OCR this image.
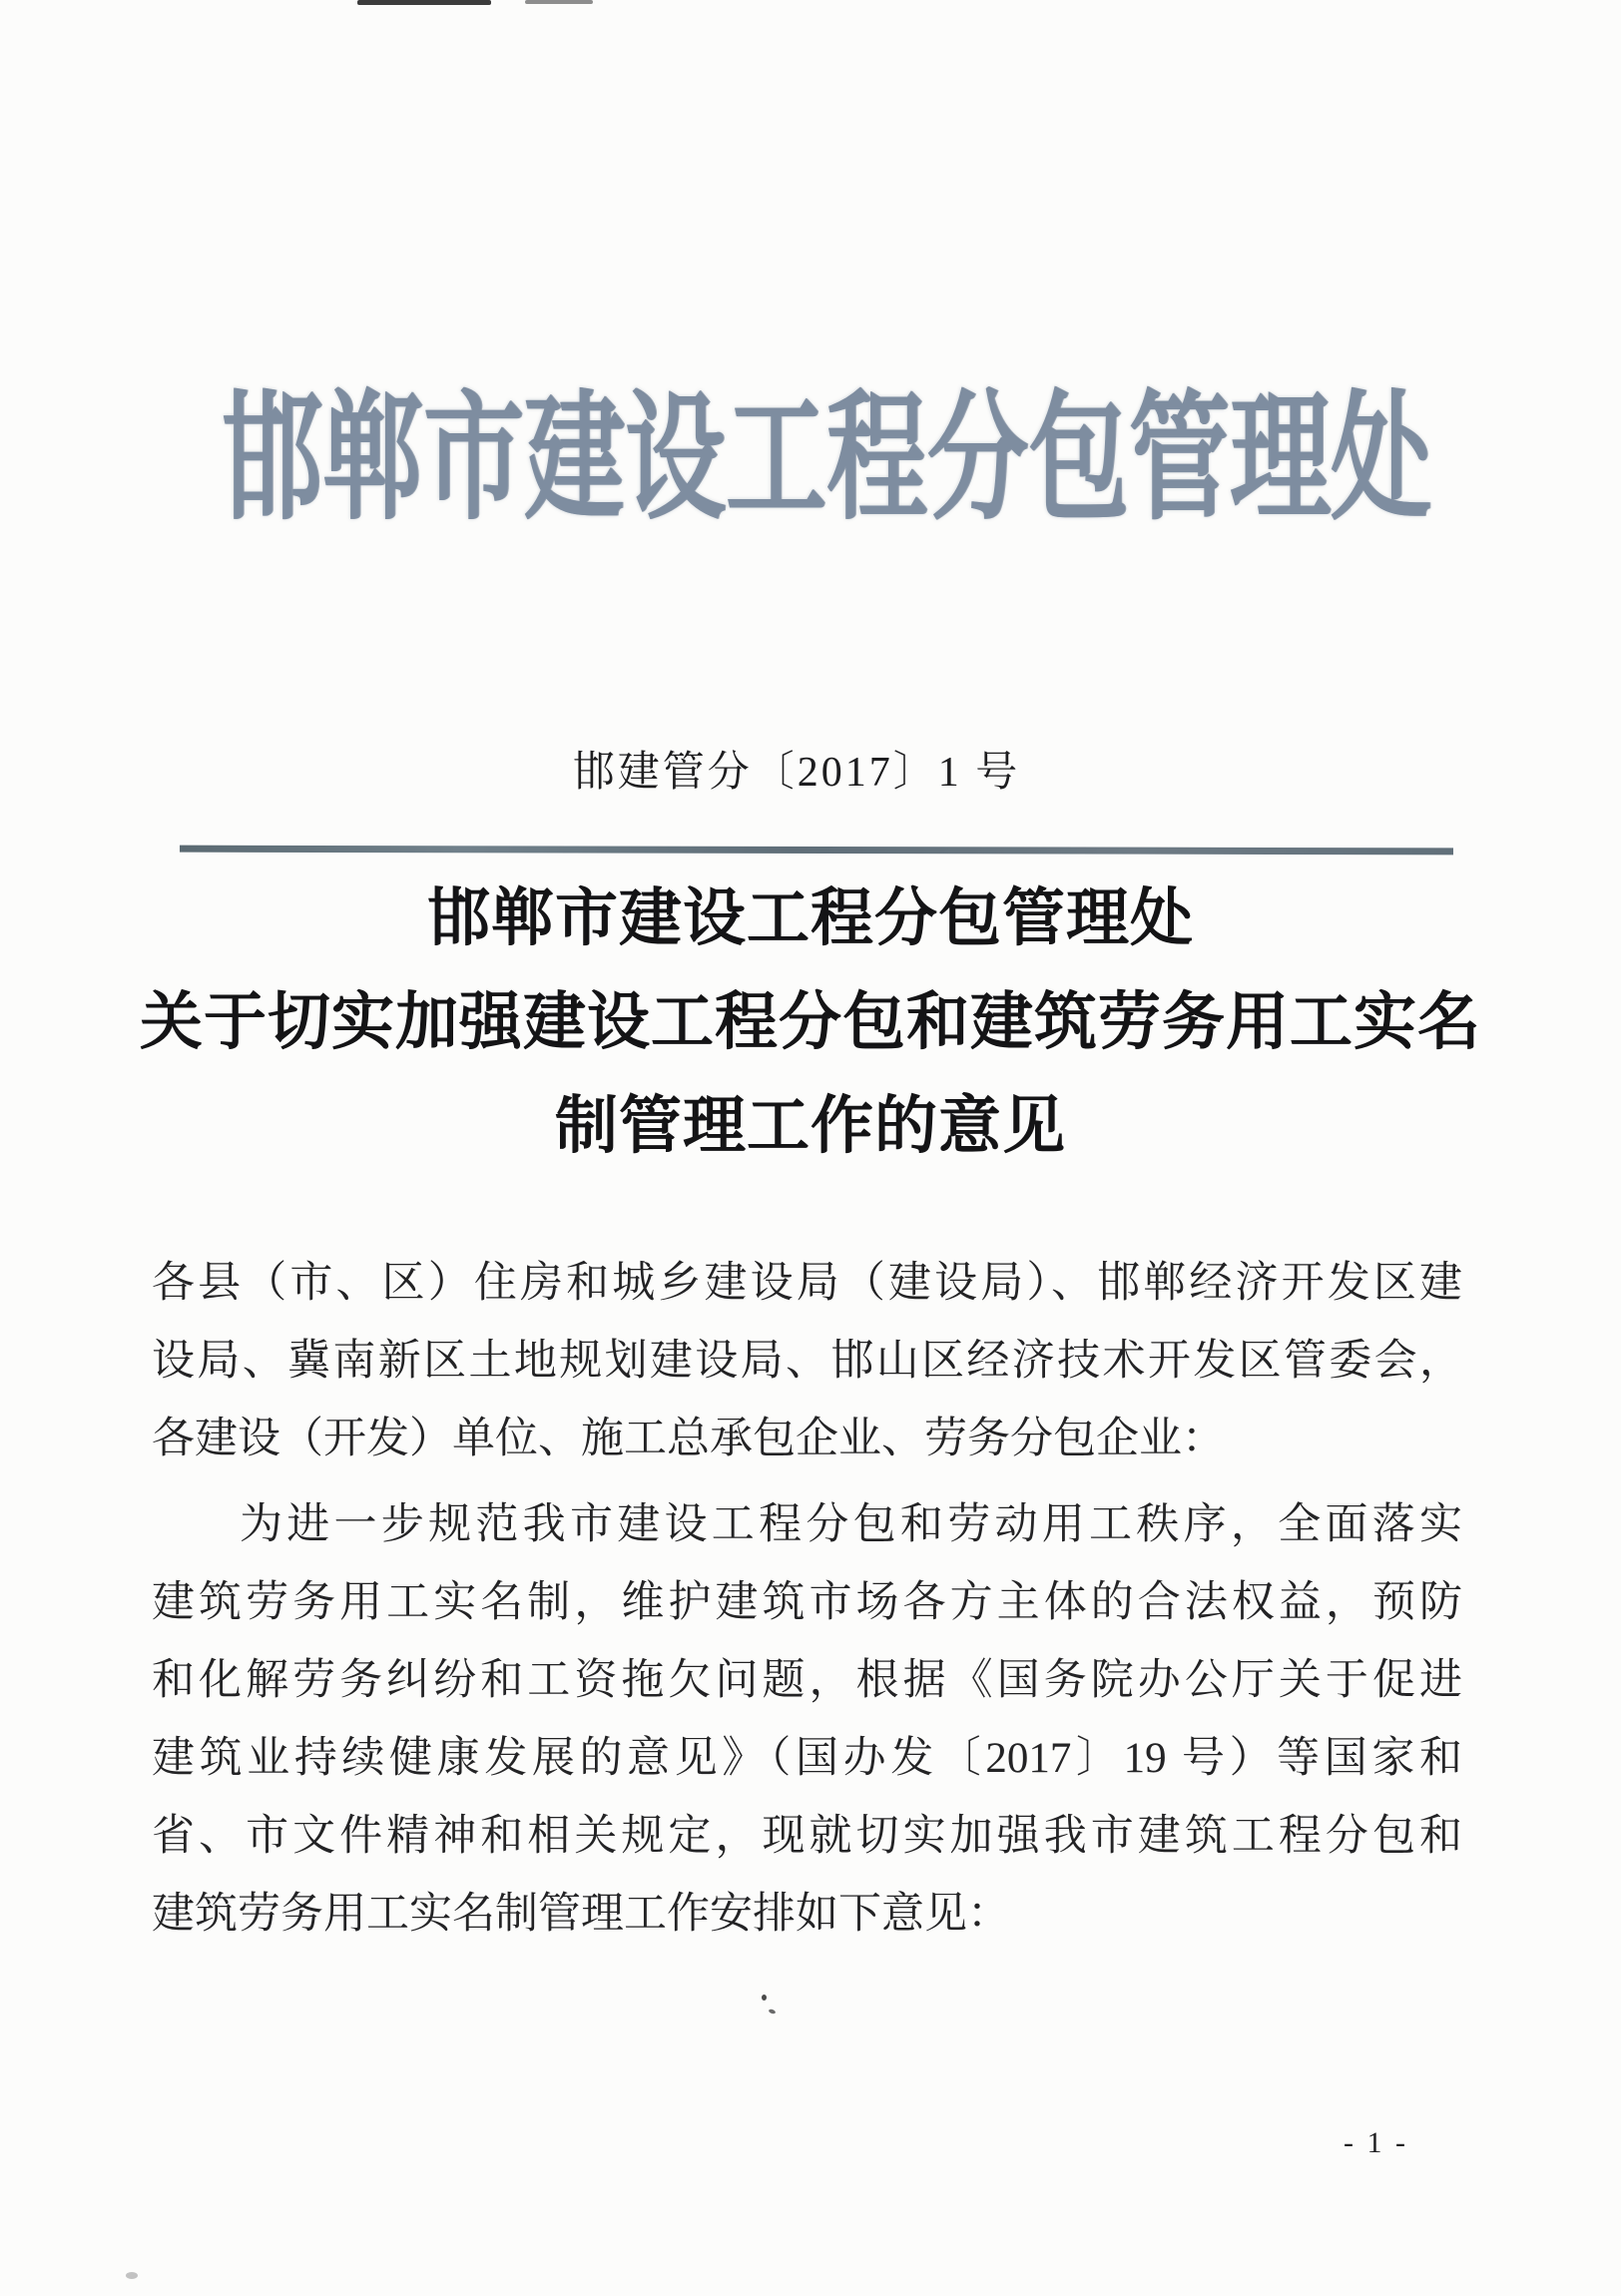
邯郸市建设工程分包管理处
邯建管分〔2017〕1 号
邯郸市建设工程分包管理处
关于切实加强建设工程分包和建筑劳务用工实名
制管理工作的意见
各县（市、区）住房和城乡建设局（建设局）、邯郸经济开发区建
设局、冀南新区土地规划建设局、邯山区经济技术开发区管委会，
各建设（开发）单位、施工总承包企业、劳务分包企业：
为进一步规范我市建设工程分包和劳动用工秩序，全面落实
建筑劳务用工实名制，维护建筑市场各方主体的合法权益，预防
和化解劳务纠纷和工资拖欠问题，根据《国务院办公厅关于促进
建筑业持续健康发展的意见》（国办发〔2017〕19 号）等国家和
省、市文件精神和相关规定，现就切实加强我市建筑工程分包和
建筑劳务用工实名制管理工作安排如下意见：
- 1 -
